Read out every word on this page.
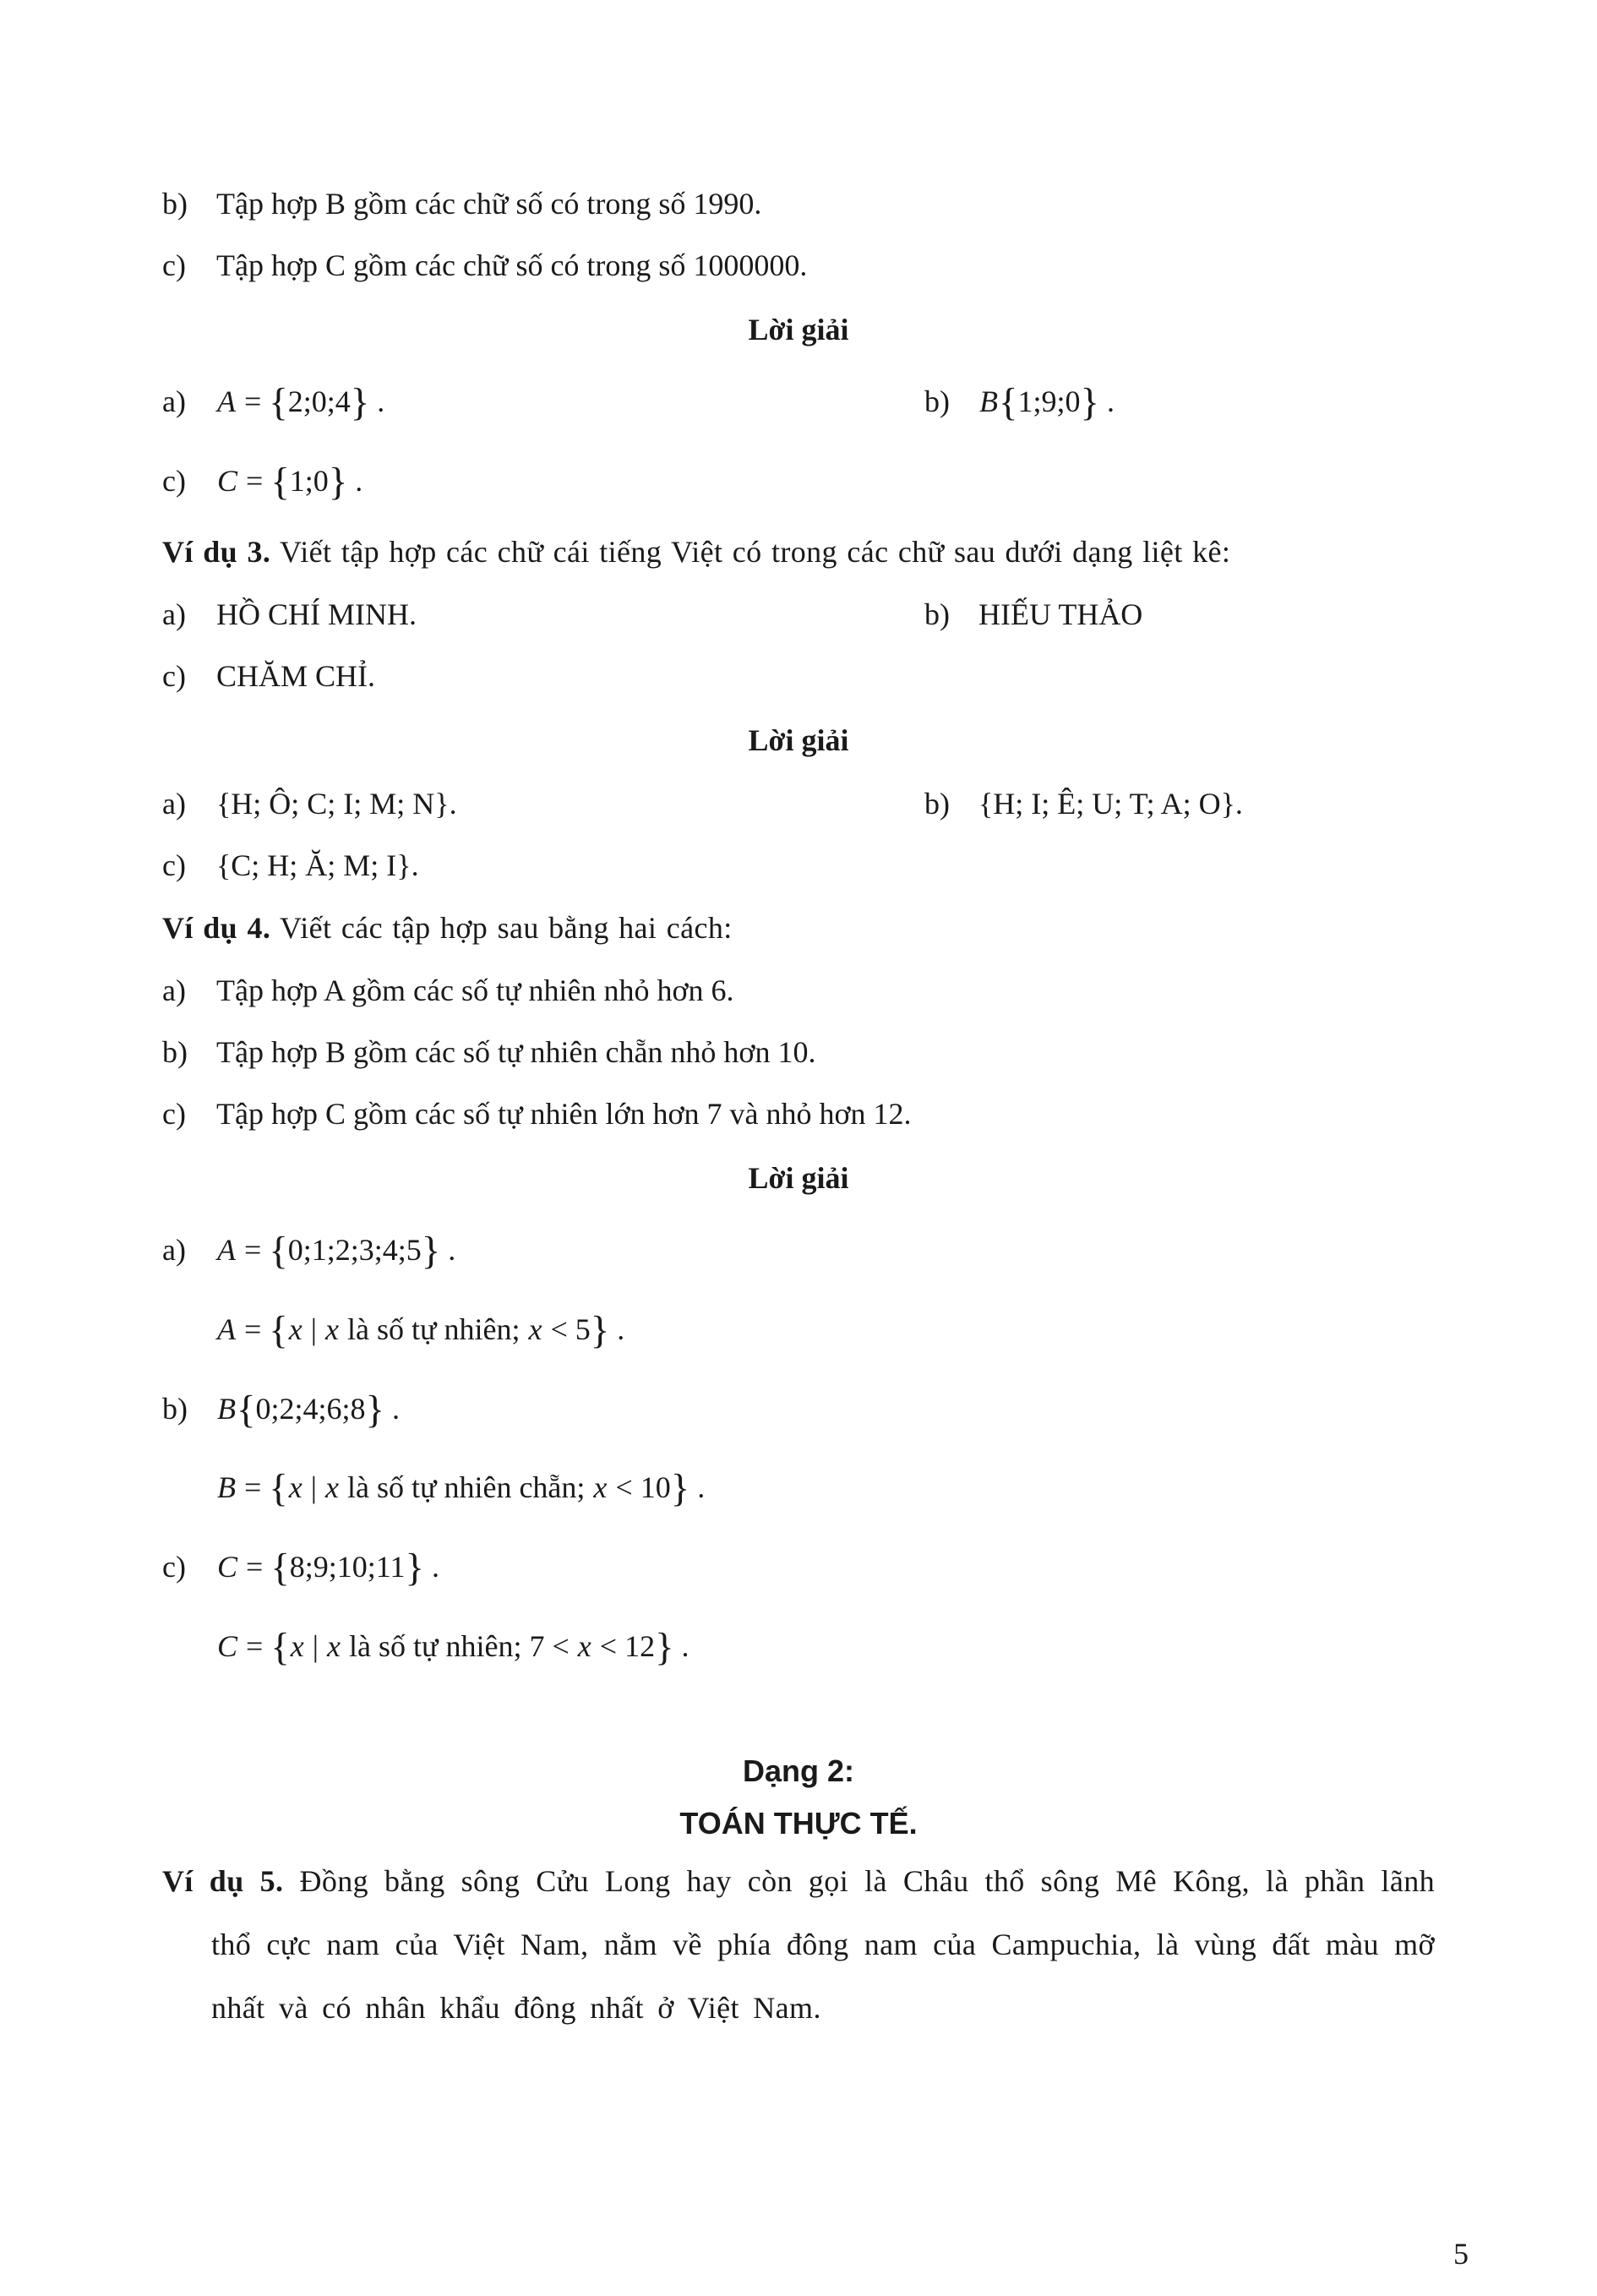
b) Tập hợp B gồm các chữ số có trong số 1990.
c) Tập hợp C gồm các chữ số có trong số 1000000.
Lời giải
a) A = {2;0;4} .	b) B{1;9;0} .
c) C = {1;0} .
Ví dụ 3. Viết tập hợp các chữ cái tiếng Việt có trong các chữ sau dưới dạng liệt kê:
a) HỒ CHÍ MINH.	b) HIẾU THẢO
c) CHĂM CHỈ.
Lời giải
a) {H; Ô; C; I; M; N}.	b) {H; I; Ê; U; T; A; O}.
c) {C; H; Ă; M; I}.
Ví dụ 4. Viết các tập hợp sau bằng hai cách:
a) Tập hợp A gồm các số tự nhiên nhỏ hơn 6.
b) Tập hợp B gồm các số tự nhiên chẵn nhỏ hơn 10.
c) Tập hợp C gồm các số tự nhiên lớn hơn 7 và nhỏ hơn 12.
Lời giải
a) A = {0;1;2;3;4;5} .
A = {x | x là số tự nhiên; x < 5} .
b) B{0;2;4;6;8} .
B = {x | x là số tự nhiên chẵn; x < 10} .
c) C = {8;9;10;11} .
C = {x | x là số tự nhiên; 7 < x < 12} .
Dạng 2:
TOÁN THỰC TẾ.
Ví dụ 5. Đồng bằng sông Cửu Long hay còn gọi là Châu thổ sông Mê Kông, là phần lãnh thổ cực nam của Việt Nam, nằm về phía đông nam của Campuchia, là vùng đất màu mỡ nhất và có nhân khẩu đông nhất ở Việt Nam.
5
